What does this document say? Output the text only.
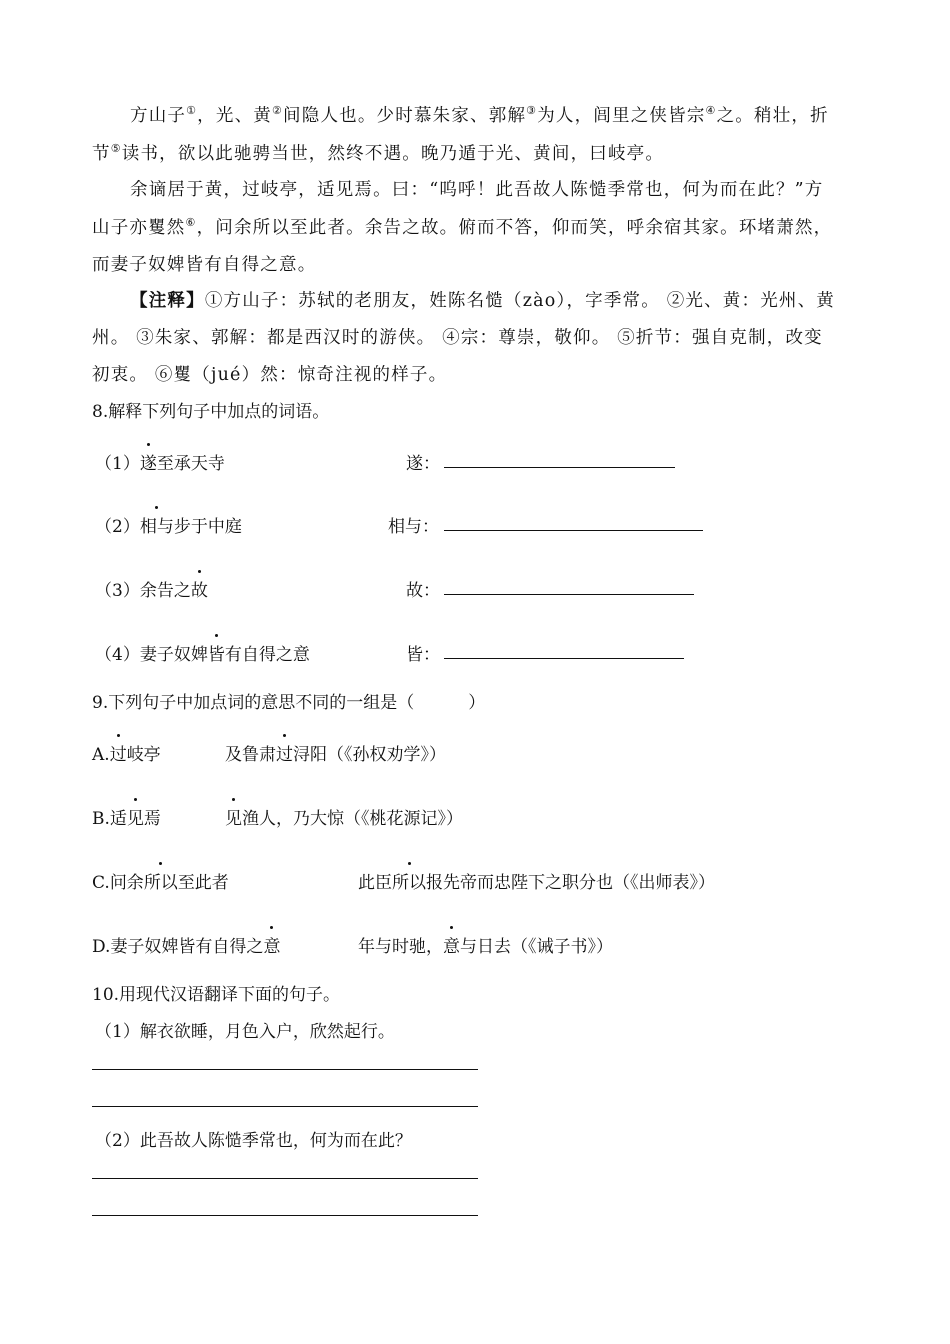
方山子①，光、黄②间隐人也。少时慕朱家、郭解③为人，闾里之侠皆宗④之。稍壮，折
节⑤读书，欲以此驰骋当世，然终不遇。晚乃遁于光、黄间，曰岐亭。
余谪居于黄，过岐亭，适见焉。曰：“呜呼！此吾故人陈慥季常也，何为而在此？”方
山子亦矍然⑥，问余所以至此者。余告之故。俯而不答，仰而笑，呼余宿其家。环堵萧然，
而妻子奴婢皆有自得之意。
【注释】①方山子：苏轼的老朋友，姓陈名慥（zào），字季常。 ②光、黄：光州、黄
州。 ③朱家、郭解：都是西汉时的游侠。 ④宗：尊崇，敬仰。 ⑤折节：强自克制，改变
初衷。 ⑥矍（jué）然：惊奇注视的样子。
8.解释下列句子中加点的词语。
（1）遂至承天寺	遂：
（2）相与步于中庭	相与：
（3）余告之故	故：
（4）妻子奴婢皆有自得之意	皆：
9.下列句子中加点词的意思不同的一组是（          ）
A.过岐亭	及鲁肃过浔阳（《孙权劝学》）
B.适见焉	见渔人，乃大惊（《桃花源记》）
C.问余所以至此者	此臣所以报先帝而忠陛下之职分也（《出师表》）
D.妻子奴婢皆有自得之意	年与时驰，意与日去（《诫子书》）
10.用现代汉语翻译下面的句子。
（1）解衣欲睡，月色入户，欣然起行。
（2）此吾故人陈慥季常也，何为而在此？
